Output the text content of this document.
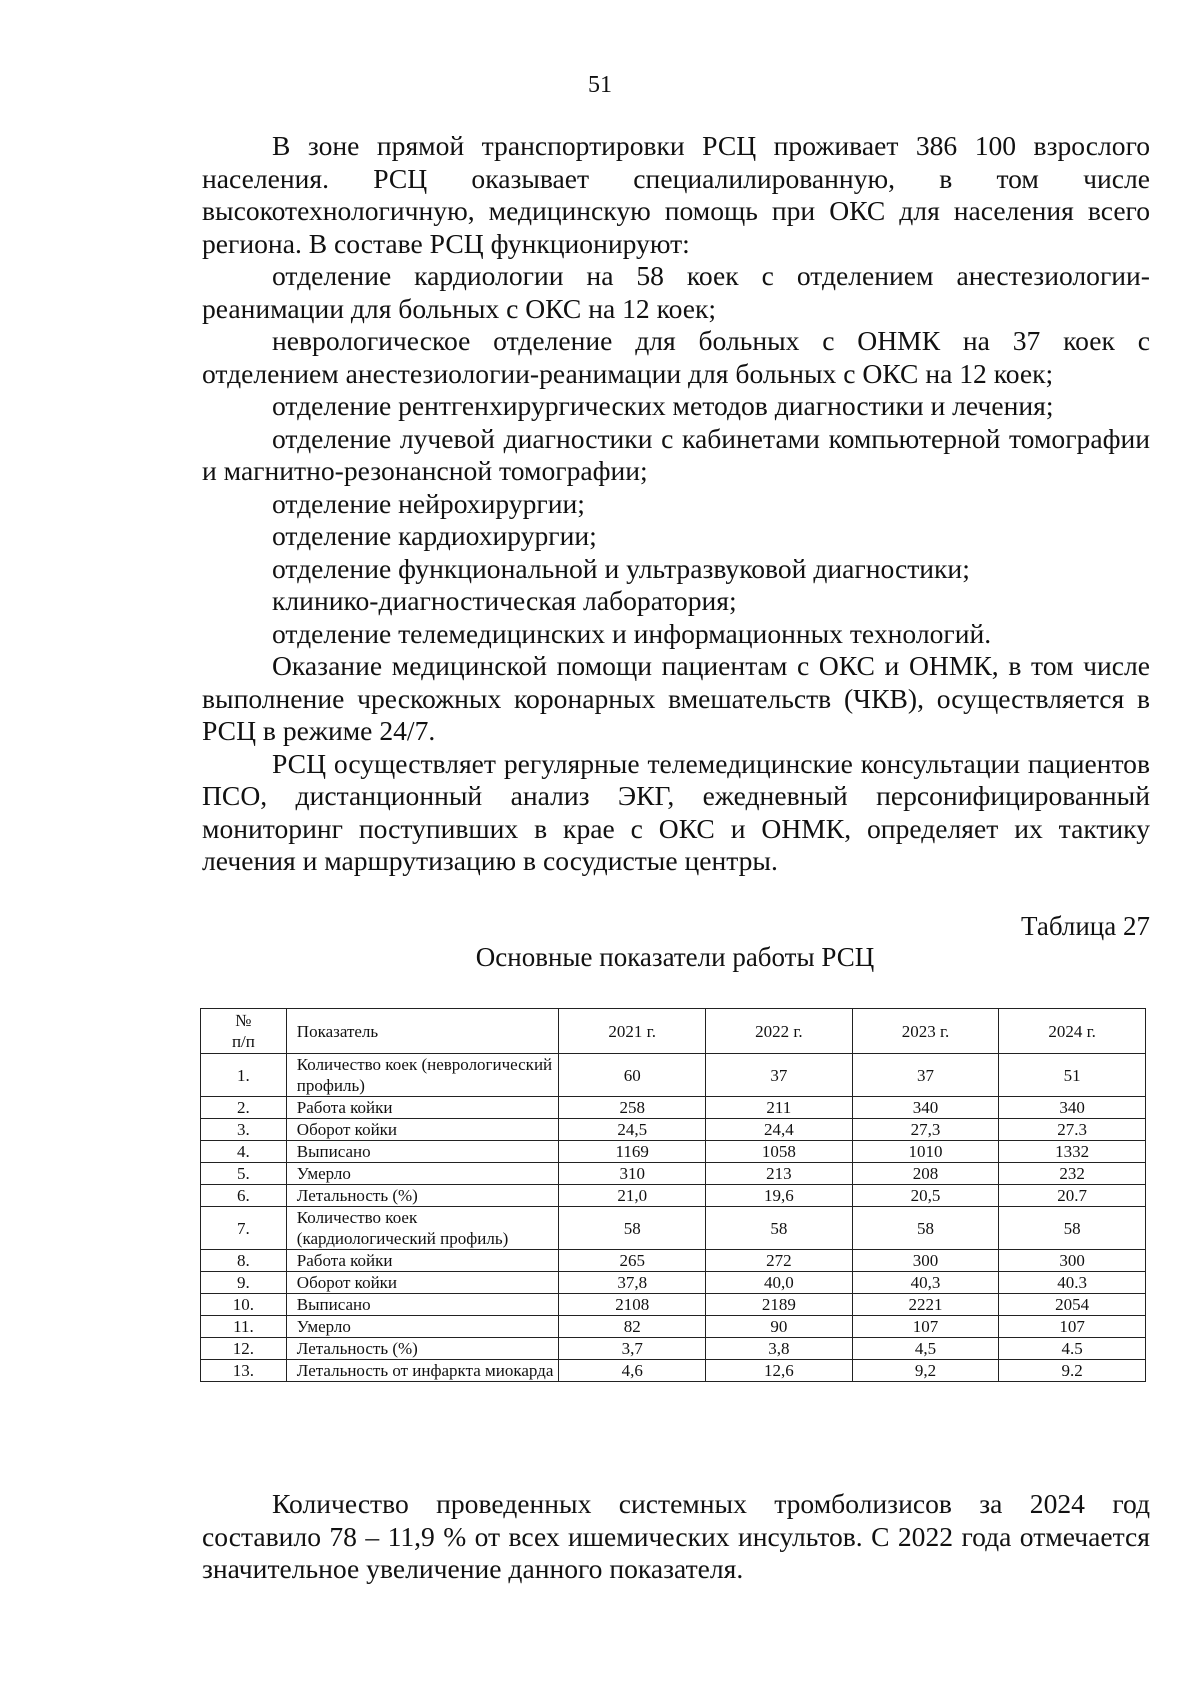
51

В зоне прямой транспортировки РСЦ проживает 386 100 взрослого населения. РСЦ оказывает специалилированную, в том числе высокотехнологичную, медицинскую помощь при ОКС для населения всего региона. В составе РСЦ функционируют:

отделение кардиологии на 58 коек с отделением анестезиологии-реанимации для больных с ОКС на 12 коек;

неврологическое отделение для больных с ОНМК на 37 коек с отделением анестезиологии-реанимации для больных с ОКС на 12 коек;

отделение рентгенхирургических методов диагностики и лечения;

отделение лучевой диагностики с кабинетами компьютерной томографии и магнитно-резонансной томографии;

отделение нейрохирургии;

отделение кардиохирургии;

отделение функциональной и ультразвуковой диагностики;

клинико-диагностическая лаборатория;

отделение телемедицинских и информационных технологий.

Оказание медицинской помощи пациентам с ОКС и ОНМК, в том числе выполнение чрескожных коронарных вмешательств (ЧКВ), осуществляется в РСЦ в режиме 24/7.

РСЦ осуществляет регулярные телемедицинские консультации пациентов ПСО, дистанционный анализ ЭКГ, ежедневный персонифицированный мониторинг поступивших в крае с ОКС и ОНМК, определяет их тактику лечения и маршрутизацию в сосудистые центры.

Таблица 27
Основные показатели работы РСЦ
№
п/п	Показатель	2021 г.	2022 г.	2023 г.	2024 г.
1.	Количество коек (неврологический профиль)	60	37	37	51
2.	Работа койки	258	211	340	340
3.	Оборот койки	24,5	24,4	27,3	27.3
4.	Выписано	1169	1058	1010	1332
5.	Умерло	310	213	208	232
6.	Летальность (%)	21,0	19,6	20,5	20.7
7.	Количество коек (кардиологический профиль)	58	58	58	58
8.	Работа койки	265	272	300	300
9.	Оборот койки	37,8	40,0	40,3	40.3
10.	Выписано	2108	2189	2221	2054
11.	Умерло	82	90	107	107
12.	Летальность (%)	3,7	3,8	4,5	4.5
13.	Летальность от инфаркта миокарда	4,6	12,6	9,2	9.2

Количество проведенных системных тромболизисов за 2024 год составило 78 – 11,9 % от всех ишемических инсультов. С 2022 года отмечается значительное увеличение данного показателя.
